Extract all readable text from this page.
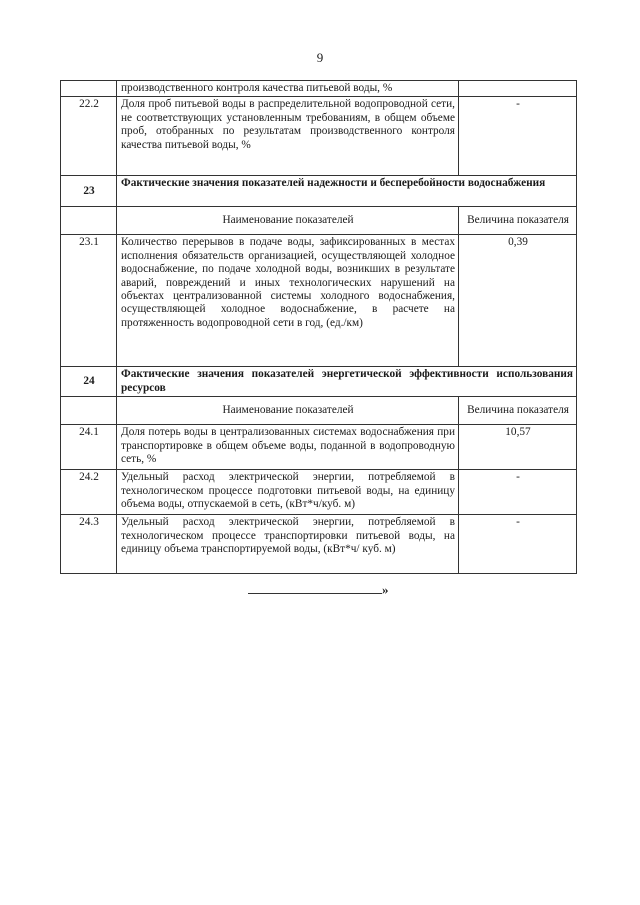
9
	производственного контроля качества питьевой воды, %	
22.2	Доля проб питьевой воды в распределительной водопроводной сети, не соответствующих установленным требованиям, в общем объеме проб, отобранных по результатам производственного контроля качества питьевой воды, %	-
23	Фактические значения показателей надежности и бесперебойности водоснабжения	
	Наименование показателей	Величина показателя
23.1	Количество перерывов в подаче воды, зафиксированных в местах исполнения обязательств организацией, осуществляющей холодное водоснабжение, по подаче холодной воды, возникших в результате аварий, повреждений и иных технологических нарушений на объектах централизованной системы холодного водоснабжения, осуществляющей холодное водоснабжение, в расчете на протяженность водопроводной сети в год, (ед./км)	0,39
24	Фактические значения показателей энергетической эффективности использования ресурсов	
	Наименование показателей	Величина показателя
24.1	Доля потерь воды в централизованных системах водоснабжения при транспортировке в общем объеме воды, поданной в водопроводную сеть, %	10,57
24.2	Удельный расход электрической энергии, потребляемой в технологическом процессе подготовки питьевой воды, на единицу объема воды, отпускаемой в сеть, (кВт*ч/куб. м)	-
24.3	Удельный расход электрической энергии, потребляемой в технологическом процессе транспортировки питьевой воды, на единицу объема транспортируемой воды, (кВт*ч/ куб. м)	-
»
